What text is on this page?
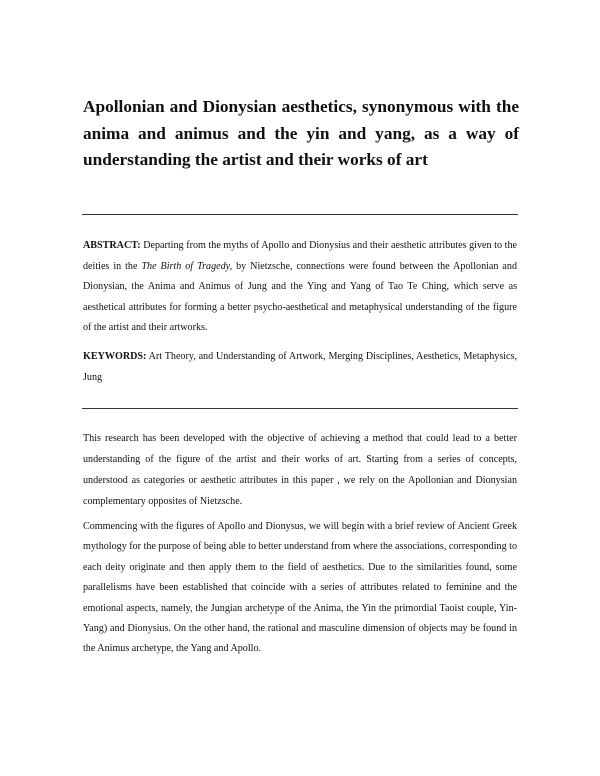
Apollonian and Dionysian aesthetics, synonymous with the anima and animus and the yin and yang, as a way of understanding the artist and their works of art

ABSTRACT: Departing from the myths of Apollo and Dionysius and their aesthetic attributes given to the deities in the The Birth of Tragedy, by Nietzsche, connections were found between the Apollonian and Dionysian, the Anima and Animus of Jung and the Ying and Yang of Tao Te Ching, which serve as aesthetical attributes for forming a better psycho-aesthetical and metaphysical understanding of the figure of the artist and their artworks.

KEYWORDS: Art Theory, and Understanding of Artwork, Merging Disciplines, Aesthetics, Metaphysics, Jung

This research has been developed with the objective of achieving a method that could lead to a better understanding of the figure of the artist and their works of art. Starting from a series of concepts, understood as categories or aesthetic attributes in this paper , we rely on the Apollonian and Dionysian complementary opposites of Nietzsche.

Commencing with the figures of Apollo and Dionysus, we will begin with a brief review of Ancient Greek mythology for the purpose of being able to better understand from where the associations, corresponding to each deity originate and then apply them to the field of aesthetics. Due to the similarities found, some parallelisms have been established that coincide with a series of attributes related to feminine and the emotional aspects, namely, the Jungian archetype of the Anima, the Yin the primordial Taoist couple, Yin-Yang) and Dionysius. On the other hand, the rational and masculine dimension of objects may be found in the Animus archetype, the Yang and Apollo.
